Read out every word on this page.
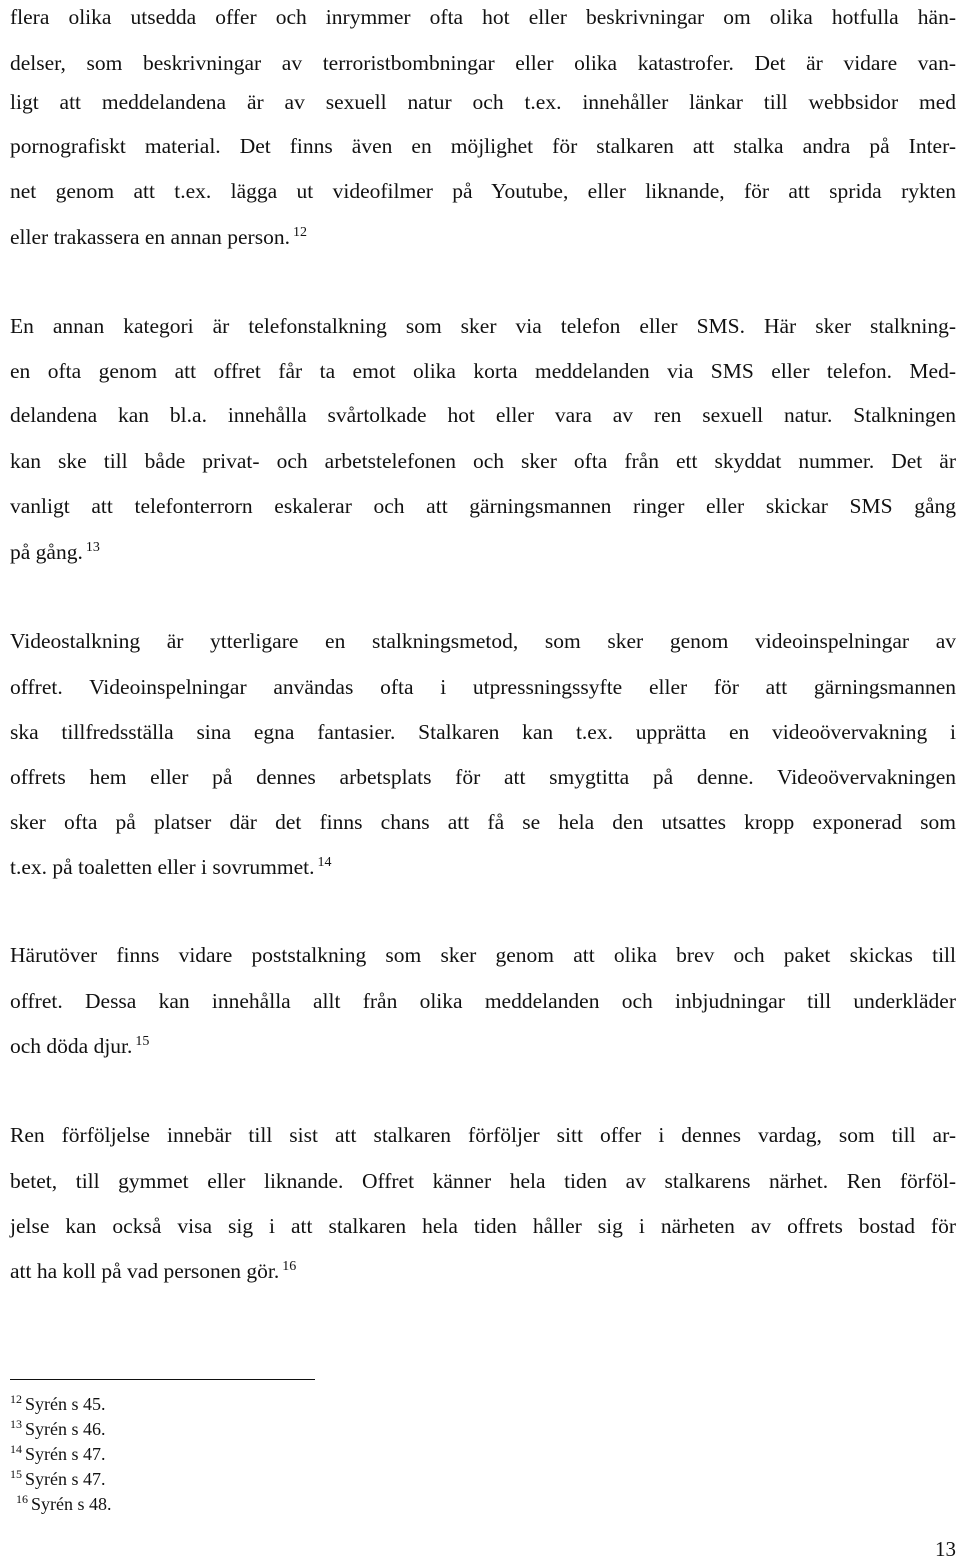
flera olika utsedda offer och inrymmer ofta hot eller beskrivningar om olika hotfulla hän-
delser, som beskrivningar av terroristbombningar eller olika katastrofer. Det är vidare van-
ligt att meddelandena är av sexuell natur och t.ex. innehåller länkar till webbsidor med
pornografiskt material. Det finns även en möjlighet för stalkaren att stalka andra på Inter-
net genom att t.ex. lägga ut videofilmer på Youtube, eller liknande, för att sprida rykten
eller trakassera en annan person. $^{12}$
En annan kategori är telefonstalkning som sker via telefon eller SMS. Här sker stalkning-
en ofta genom att offret får ta emot olika korta meddelanden via SMS eller telefon. Med-
delandena kan bl.a. innehålla svårtolkade hot eller vara av ren sexuell natur. Stalkningen
kan ske till både privat- och arbetstelefonen och sker ofta från ett skyddat nummer. Det är
vanligt att telefonterrorn eskalerar och att gärningsmannen ringer eller skickar SMS gång
på gång. $^{13}$
Videostalkning är ytterligare en stalkningsmetod, som sker genom videoinspelningar av
offret. Videoinspelningar användas ofta i utpressningssyfte eller för att gärningsmannen
ska tillfredsställa sina egna fantasier. Stalkaren kan t.ex. upprätta en videoövervakning i
offrets hem eller på dennes arbetsplats för att smygtitta på denne. Videoövervakningen
sker ofta på platser där det finns chans att få se hela den utsattes kropp exponerad som
t.ex. på toaletten eller i sovrummet. $^{14}$
Härutöver finns vidare poststalkning som sker genom att olika brev och paket skickas till
offret. Dessa kan innehålla allt från olika meddelanden och inbjudningar till underkläder
och döda djur. $^{15}$
Ren förföljelse innebär till sist att stalkaren förföljer sitt offer i dennes vardag, som till ar-
betet, till gymmet eller liknande. Offret känner hela tiden av stalkarens närhet. Ren förföl-
jelse kan också visa sig i att stalkaren hela tiden håller sig i närheten av offrets bostad för
att ha koll på vad personen gör. $^{16}$
$^{12}$ Syrén s 45.
$^{13}$ Syrén s 46.
$^{14}$ Syrén s 47.
$^{15}$ Syrén s 47.
$^{16}$ Syrén s 48.
13
